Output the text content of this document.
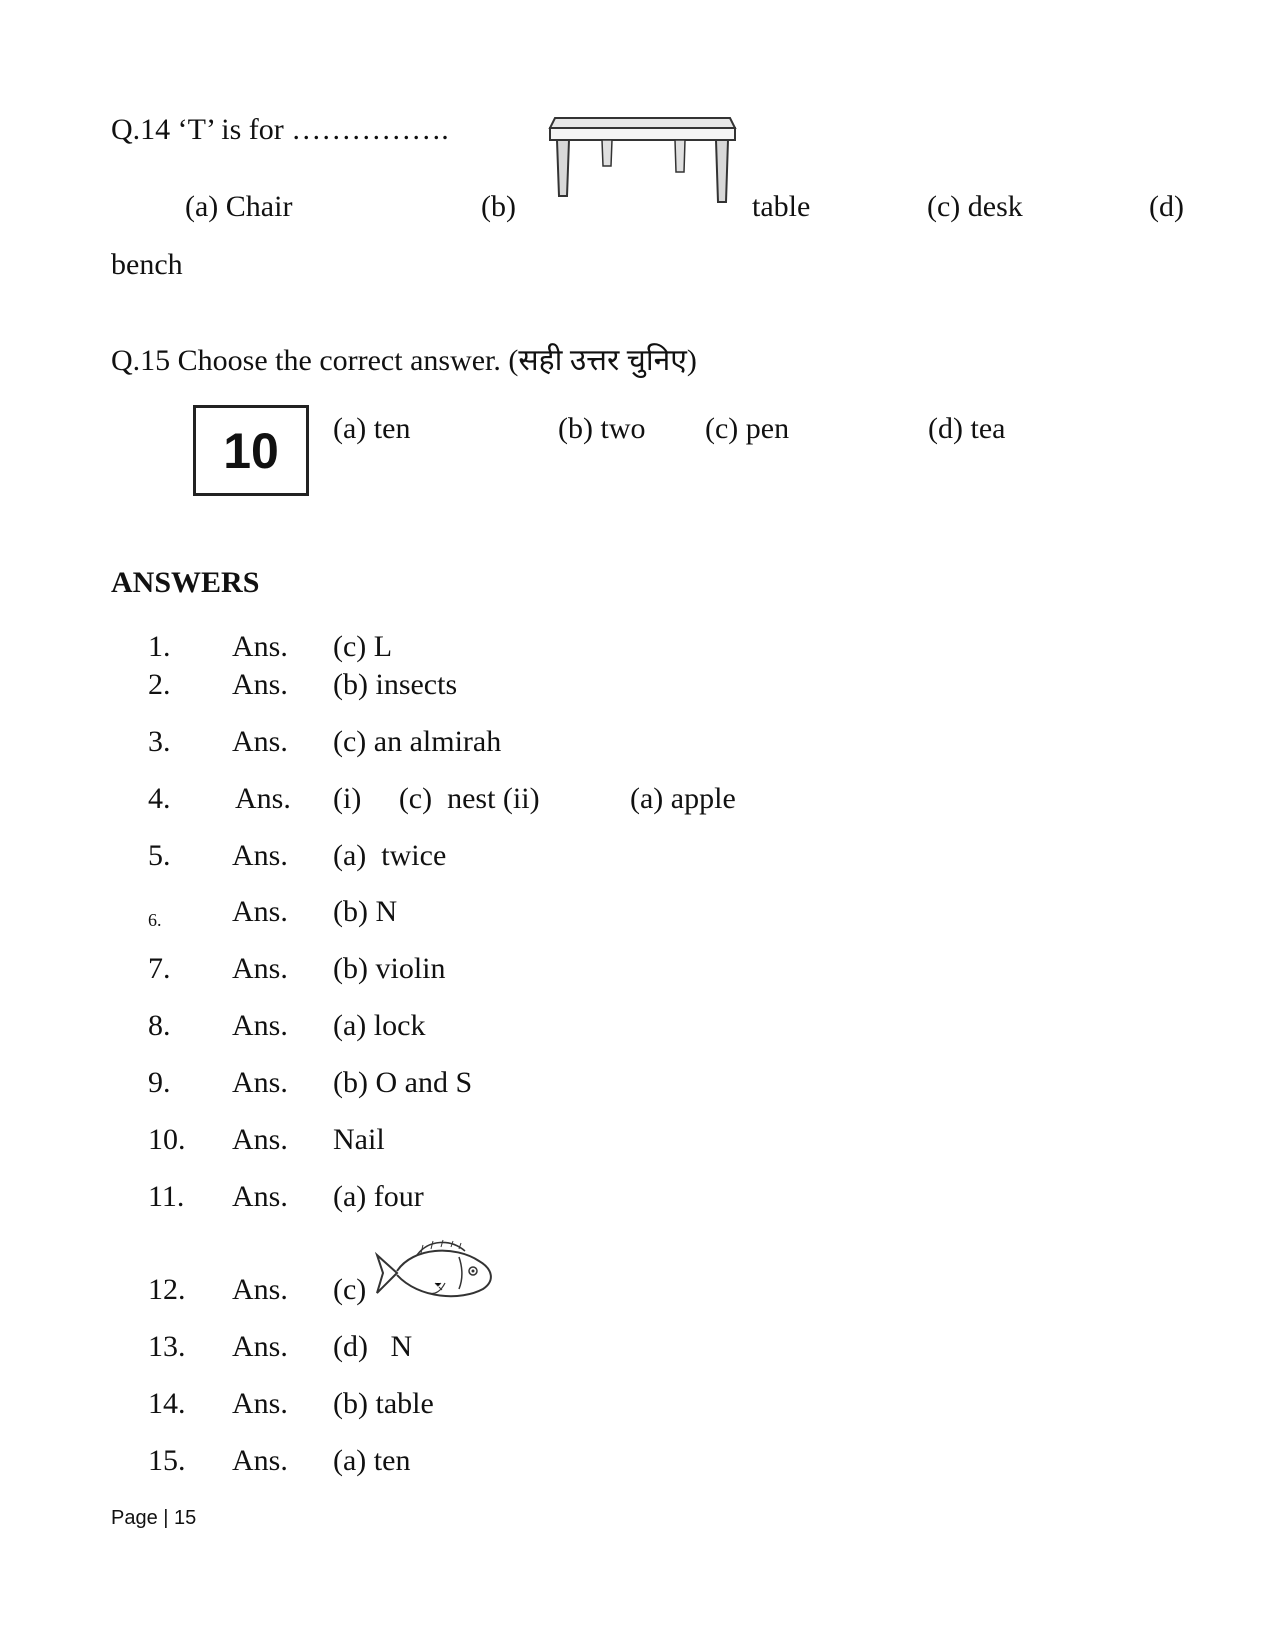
Q.14 ‘T’ is for …………….
(a) Chair	(b)	table	(c) desk	(d)
bench
Q.15 Choose the correct answer. (सही उत्तर चुनिए)
10	(a) ten	(b) two (c) pen	(d) tea
ANSWERS
1. Ans. (c) L
2. Ans. (b) insects
3. Ans. (c) an almirah
4. Ans. (i)     (c)  nest (ii)	(a) apple
5. Ans. (a)  twice
6. Ans. (b) N
7. Ans. (b) violin
8. Ans. (a) lock
9. Ans. (b) O and S
10. Ans. Nail
11. Ans. (a) four
12. Ans. (c)
13. Ans. (d)   N
14. Ans. (b) table
15. Ans. (a) ten
Page | 15
